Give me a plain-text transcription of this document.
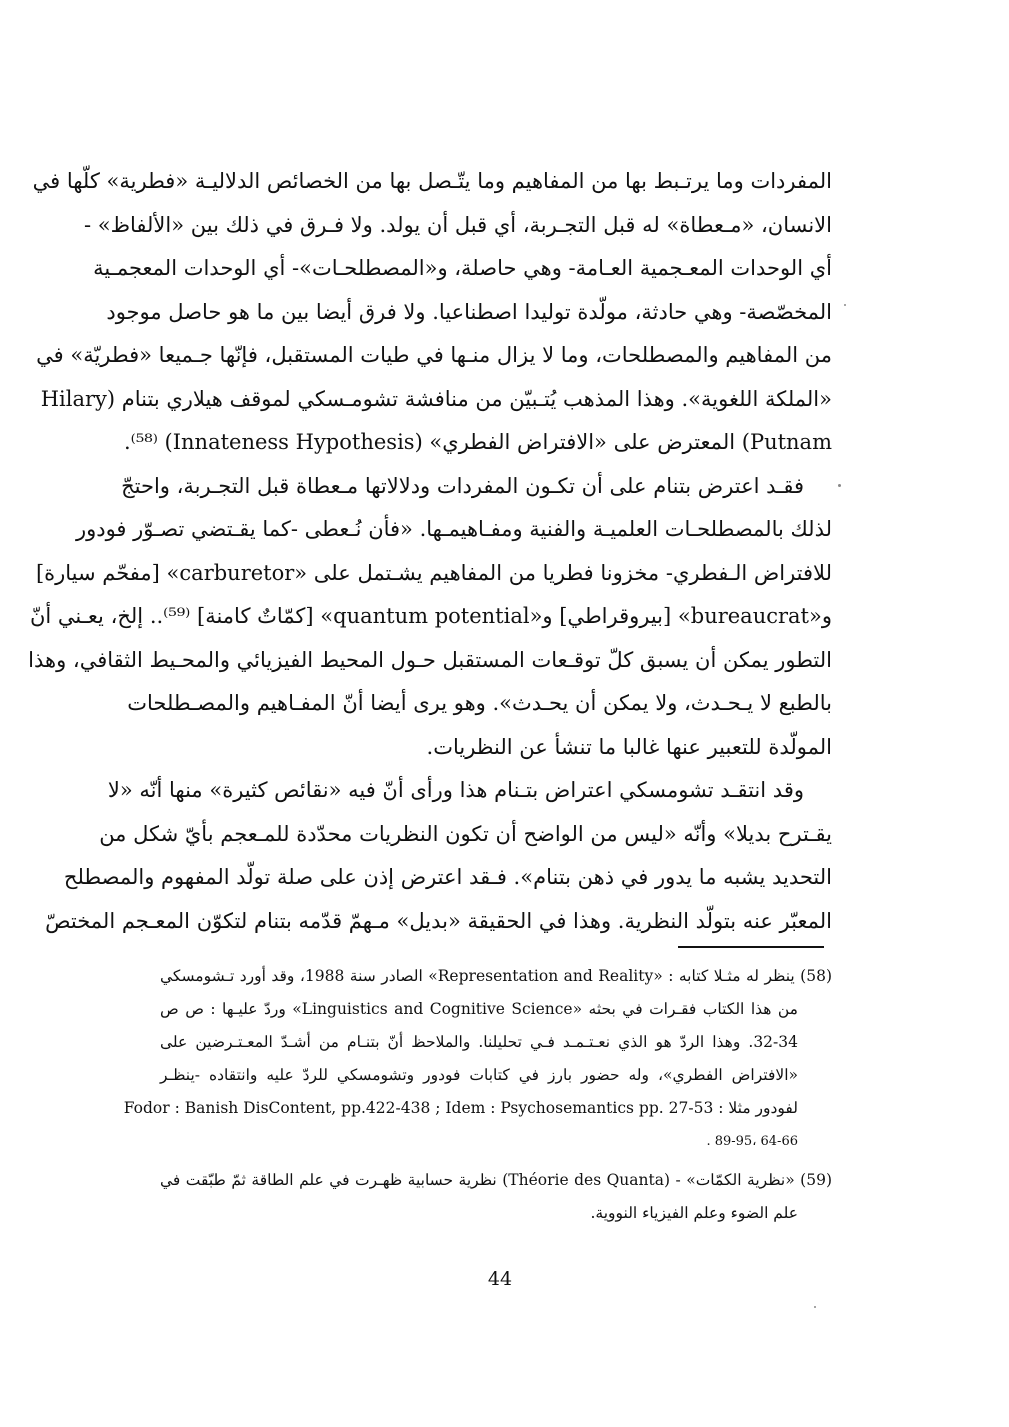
المفردات وما يرتـبط بها من المفاهيم وما يتّـصل بها من الخصائص الدلاليـة «فطرية» كلّها في
الانسان، «مـعطاة» له قبل التجـربة، أي قبل أن يولد. ولا فـرق في ذلك بين «الألفاظ» -
أي الوحدات المعـجمية العـامة- وهي حاصلة، و«المصطلحـات»- أي الوحدات المعجمـية
المخصّصة- وهي حادثة، مولّدة توليدا اصطناعيا. ولا فرق أيضا بين ما هو حاصل موجود
من المفاهيم والمصطلحات، وما لا يزال منـها في طيات المستقبل، فإنّها جـميعا «فطريّة» في
«الملكة اللغوية». وهذا المذهب يُتـبيّن من منافشة تشومـسكي لموقف هيلاري بتنام (Hilary
Putnam) المعترض على «الافتراض الفطري» (Innateness Hypothesis) ⁽⁵⁸⁾.
فقـد اعترض بتنام على أن تكـون المفردات ودلالاتها مـعطاة قبل التجـربة، واحتجّ
لذلك بالمصطلحـات العلميـة والفنية ومفـاهيمـها. «فأن نُـعطى -كما يقـتضي تصـوّر فودور
للافتراض الـفطري- مخزونا فطريا من المفاهيم يشـتمل على «carburetor» [مفحّم سيارة]
و«bureaucrat» [بيروقراطي] و«quantum potential» [كمّاتٌ كامنة] ⁽⁵⁹⁾.. إلخ، يعـني أنّ
التطور يمكن أن يسبق كلّ توقـعات المستقبل حـول المحيط الفيزيائي والمحـيط الثقافي، وهذا
بالطبع لا يـحـدث، ولا يمكن أن يحـدث». وهو يرى أيضا أنّ المفـاهيم والمصـطلحات
المولّدة للتعبير عنها غالبا ما تنشأ عن النظريات.
وقد انتقـد تشومسكي اعتراض بتـنام هذا ورأى أنّ فيه «نقائص كثيرة» منها أنّه «لا
يقـترح بديلا» وأنّه «ليس من الواضح أن تكون النظريات محدّدة للمـعجم بأيّ شكل من
التحديد يشبه ما يدور في ذهن بتنام». فـقد اعترض إذن على صلة تولّد المفهوم والمصطلح
المعبّر عنه بتولّد النظرية. وهذا في الحقيقة «بديل» مـهمّ قدّمه بتنام لتكوّن المعـجم المختصّ
(58) ينظر له مثـلا كتابه : «Representation and Reality» الصادر سنة 1988، وقد أورد تـشومسكي
من هذا الكتاب فقـرات في بحثه «Linguistics and Cognitive Science» وردّ عليـها : ص ص
32-34. وهذا الردّ هو الذي نعـتـمـد فـي تحليلنا. والملاحظ أنّ بتنـام من أشـدّ المعـتـرضين على
«الافتراض الفطري»، وله حضور بارز في كتابات فودور وتشومسكي للردّ عليه وانتقاده -ينظـر
لفودور مثلا : Fodor : Banish DisContent, pp.422-438 ; Idem : Psychosemantics pp. 27-53
64-66 ،89-95 .
(59) «نظرية الكمّات» - (Théorie des Quanta) نظرية حسابية ظهـرت في علم الطاقة ثمّ طبّقت في
علم الضوء وعلم الفيزياء النووية.
44
